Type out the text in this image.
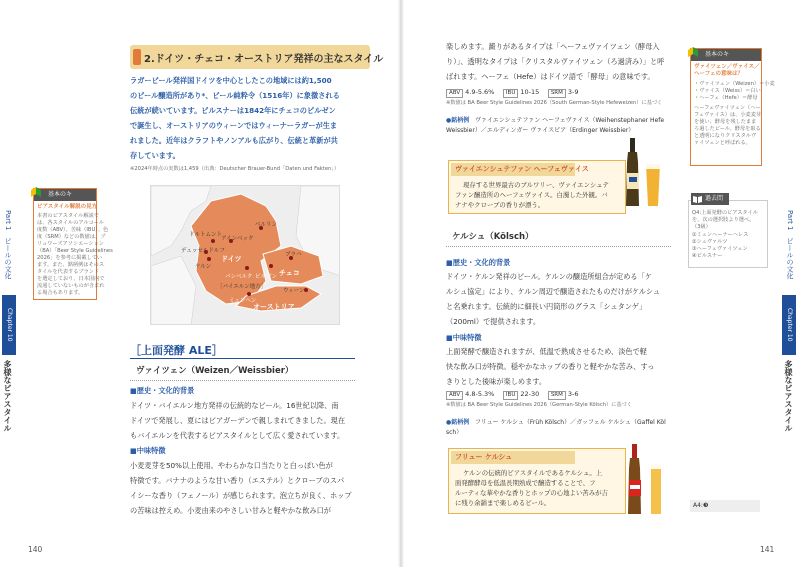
2.ドイツ・チェコ・オーストリア発祥の主なスタイル
ラガービール発祥国ドイツを中心としたこの地域には約1,500
のビール醸造所があり*、ビール純粋令（1516年）に象徴される
伝統が続いています。ビルスナーは1842年にチェコのピルゼン
で誕生し、オーストリアのウィーンではウィーナーラガーが生ま
れました。近年はクラフトやノンアルも広がり、伝統と革新が共
存しています。
※2024年時点の実数は1,459（出典：Deutscher Brauer-Bund「Daten und Fakten」）
Part 1　ビールの文化
Chapter 10
多様なビアスタイル
基本のキ
ビアスタイル解説の見方
本書のビアスタイル解説で
は、各スタイルのアルコール
度数（ABV）、苦味（IBU）、色
度（SRM）などの数値は、ブ
リュワーズアソシエーション
（BA）「Beer Style Guidelines
2026」を参考に掲載してい
ます。また、銘柄例はそのス
タイルを代表するブランド
を選定しており、日本国内で
流通していないものが含まれ
る場合もあります。
ドイツ
チェコ
オーストリア
［バイエルン地方］
ベルリン
ドルトムント
アインベック
デュッセルドルフ
ケルン
バンベルク ピルゼン
プラハ
ミュンヘン
ウィーン
［上面発酵 ALE］
ヴァイツェン（Weizen／Weissbier）
■歴史・文化的背景
ドイツ・バイエルン地方発祥の伝統的なビール。16世紀以降、南
ドイツで発展し、夏にはビアガーデンで親しまれてきました。現在
もバイエルンを代表するビアスタイルとして広く愛されています。
■中味特徴
小麦麦芽を50%以上使用。やわらかな口当たりと白っぽい色が
特徴です。バナナのような甘い香り（エステル）とクローブのスパ
イシーな香り（フェノール）が感じられます。泡立ちが良く、ホップ
の苦味は控えめ。小麦由来のやさしい甘みと軽やかな飲み口が
140
楽しめます。澱りがあるタイプは「ヘーフェヴァイツェン（酵母入
り）」、透明なタイプは「クリスタルヴァイツェン（ろ過済み）」と呼
ばれます。ヘーフェ（Hefe）はドイツ語で「酵母」の意味です。
ABV 4.9-5.6%　 IBU 10-15　 SRM 3-9
※数値は BA Beer Style Guidelines 2026（South German-Style Hefeweizen）に基づく
●銘柄例 ヴァイエンシュテファン ヘーフェヴァイス（Weihenstephaner Hefe
Weissbier）／エルディンガー ヴァイスビア（Erdinger Weissbier）
ヴァイエンシュテファン ヘーフェヴァイス
現存する世界最古のブルワリー、ヴァイエンシュテ
ファン醸造所のヘーフェヴァイス。白濁した外観。バ
ナナやクローブの香りが漂う。
ケルシュ（Kölsch）
■歴史・文化的背景
ドイツ・ケルン発祥のビール。ケルンの醸造所組合が定める「ケ
ルシュ協定」により、ケルン周辺で醸造されたものだけがケルシュ
と名乗れます。伝統的に細長い円筒形のグラス「シュタンゲ」
（200ml）で提供されます。
■中味特徴
上面発酵で醸造されますが、低温で熟成させるため、淡色で軽
快な飲み口が特徴。穏やかなホップの香りと軽やかな苦み、すっ
きりとした後味が楽しめます。
ABV 4.8-5.3%　 IBU 22-30　 SRM 3-6
※数値は BA Beer Style Guidelines 2026（German-Style Kölsch）に基づく
●銘柄例 フリュー ケルシュ（Früh Kölsch）／ガッフェル ケルシュ（Gaffel Köl
sch）
フリュー ケルシュ
ケルンの伝統的ビアスタイルであるケルシュ。上
面発酵酵母を低温長期熟成で醸造することで、フ
ルーティな華やかな香りとホップの心地よい苦みが吉
に残り余韻まで楽しめるビール。
基本のキ
ヴァイツェン／ヴァイス／ヘーフェの意味は？
・ヴァイツェン（Weizen）＝小麦
・ヴァイス（Weiss）＝白い
・ヘーフェ（Hefe）＝酵母
ヘーフェヴァイツェン（ヘー
フェヴァイス）は、小麦麦芽
を使い、酵母を残したまま
ろ過したビール。酵母を取る
と透明になりクリスタルヴァイツェンと呼ばれる。
過去問
Q4:上面発酵のビアスタイル
を、次の選択肢より選べ。
（3級）
①ミュンヘーナーヘレス
②シュヴァルツ
③ヘーフェヴァイツェン
④ピルスナー
A4:❸
Part 1　ビールの文化
Chapter 10
多様なビアスタイル
141
